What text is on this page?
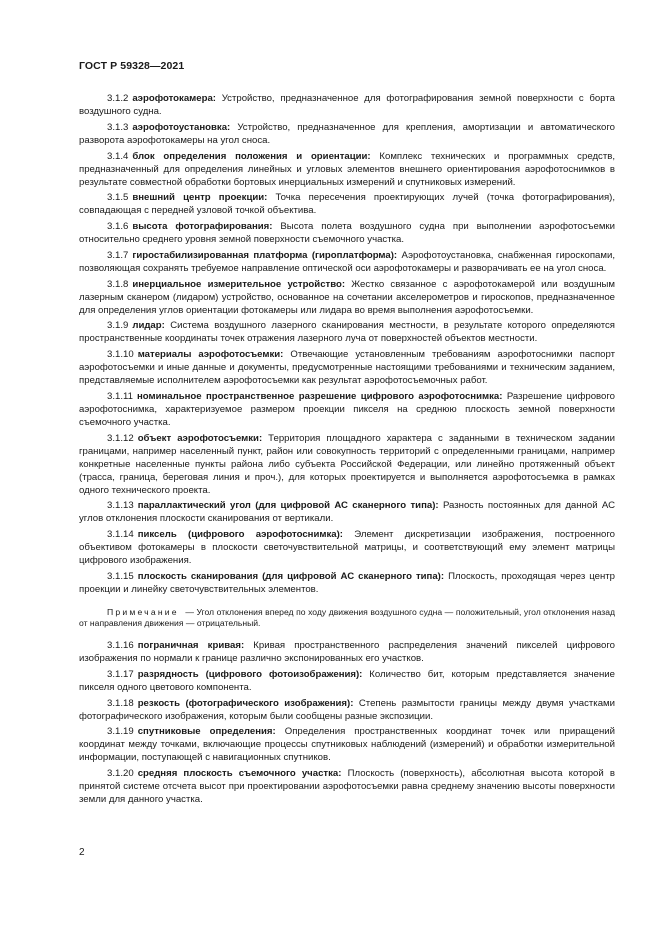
ГОСТ Р 59328—2021

3.1.2 аэрофотокамера: Устройство, предназначенное для фотографирования земной поверхности с борта воздушного судна.

3.1.3 аэрофотоустановка: Устройство, предназначенное для крепления, амортизации и автоматического разворота аэрофотокамеры на угол сноса.

3.1.4 блок определения положения и ориентации: Комплекс технических и программных средств, предназначенный для определения линейных и угловых элементов внешнего ориентирования аэрофотоснимков в результате совместной обработки бортовых инерциальных измерений и спутниковых измерений.

3.1.5 внешний центр проекции: Точка пересечения проектирующих лучей (точка фотографирования), совпадающая с передней узловой точкой объектива.

3.1.6 высота фотографирования: Высота полета воздушного судна при выполнении аэрофотосъемки относительно среднего уровня земной поверхности съемочного участка.

3.1.7 гиростабилизированная платформа (гироплатформа): Аэрофотоустановка, снабженная гироскопами, позволяющая сохранять требуемое направление оптической оси аэрофотокамеры и разворачивать ее на угол сноса.

3.1.8 инерциальное измерительное устройство: Жестко связанное с аэрофотокамерой или воздушным лазерным сканером (лидаром) устройство, основанное на сочетании акселерометров и гироскопов, предназначенное для определения углов ориентации фотокамеры или лидара во время выполнения аэрофотосъемки.

3.1.9 лидар: Система воздушного лазерного сканирования местности, в результате которого определяются пространственные координаты точек отражения лазерного луча от поверхностей объектов местности.

3.1.10 материалы аэрофотосъемки: Отвечающие установленным требованиям аэрофотоснимки паспорт аэрофотосъемки и иные данные и документы, предусмотренные настоящими требованиями и техническим заданием, представляемые исполнителем аэрофотосъемки как результат аэрофотосъемочных работ.

3.1.11 номинальное пространственное разрешение цифрового аэрофотоснимка: Разрешение цифрового аэрофотоснимка, характеризуемое размером проекции пикселя на среднюю плоскость земной поверхности съемочного участка.

3.1.12 объект аэрофотосъемки: Территория площадного характера с заданными в техническом задании границами, например населенный пункт, район или совокупность территорий с определенными границами, например конкретные населенные пункты района либо субъекта Российской Федерации, или линейно протяженный объект (трасса, граница, береговая линия и проч.), для которых проектируется и выполняется аэрофотосъемка в рамках одного технического проекта.

3.1.13 параллактический угол (для цифровой АС сканерного типа): Разность постоянных для данной АС углов отклонения плоскости сканирования от вертикали.

3.1.14 пиксель (цифрового аэрофотоснимка): Элемент дискретизации изображения, построенного объективом фотокамеры в плоскости светочувствительной матрицы, и соответствующий ему элемент матрицы цифрового изображения.

3.1.15 плоскость сканирования (для цифровой АС сканерного типа): Плоскость, проходящая через центр проекции и линейку светочувствительных элементов.

Примечание — Угол отклонения вперед по ходу движения воздушного судна — положительный, угол отклонения назад от направления движения — отрицательный.

3.1.16 пограничная кривая: Кривая пространственного распределения значений пикселей цифрового изображения по нормали к границе различно экспонированных его участков.

3.1.17 разрядность (цифрового фотоизображения): Количество бит, которым представляется значение пикселя одного цветового компонента.

3.1.18 резкость (фотографического изображения): Степень размытости границы между двумя участками фотографического изображения, которым были сообщены разные экспозиции.

3.1.19 спутниковые определения: Определения пространственных координат точек или приращений координат между точками, включающие процессы спутниковых наблюдений (измерений) и обработки измерительной информации, поступающей с навигационных спутников.

3.1.20 средняя плоскость съемочного участка: Плоскость (поверхность), абсолютная высота которой в принятой системе отсчета высот при проектировании аэрофотосъемки равна среднему значению высоты поверхности земли для данного участка.

2
